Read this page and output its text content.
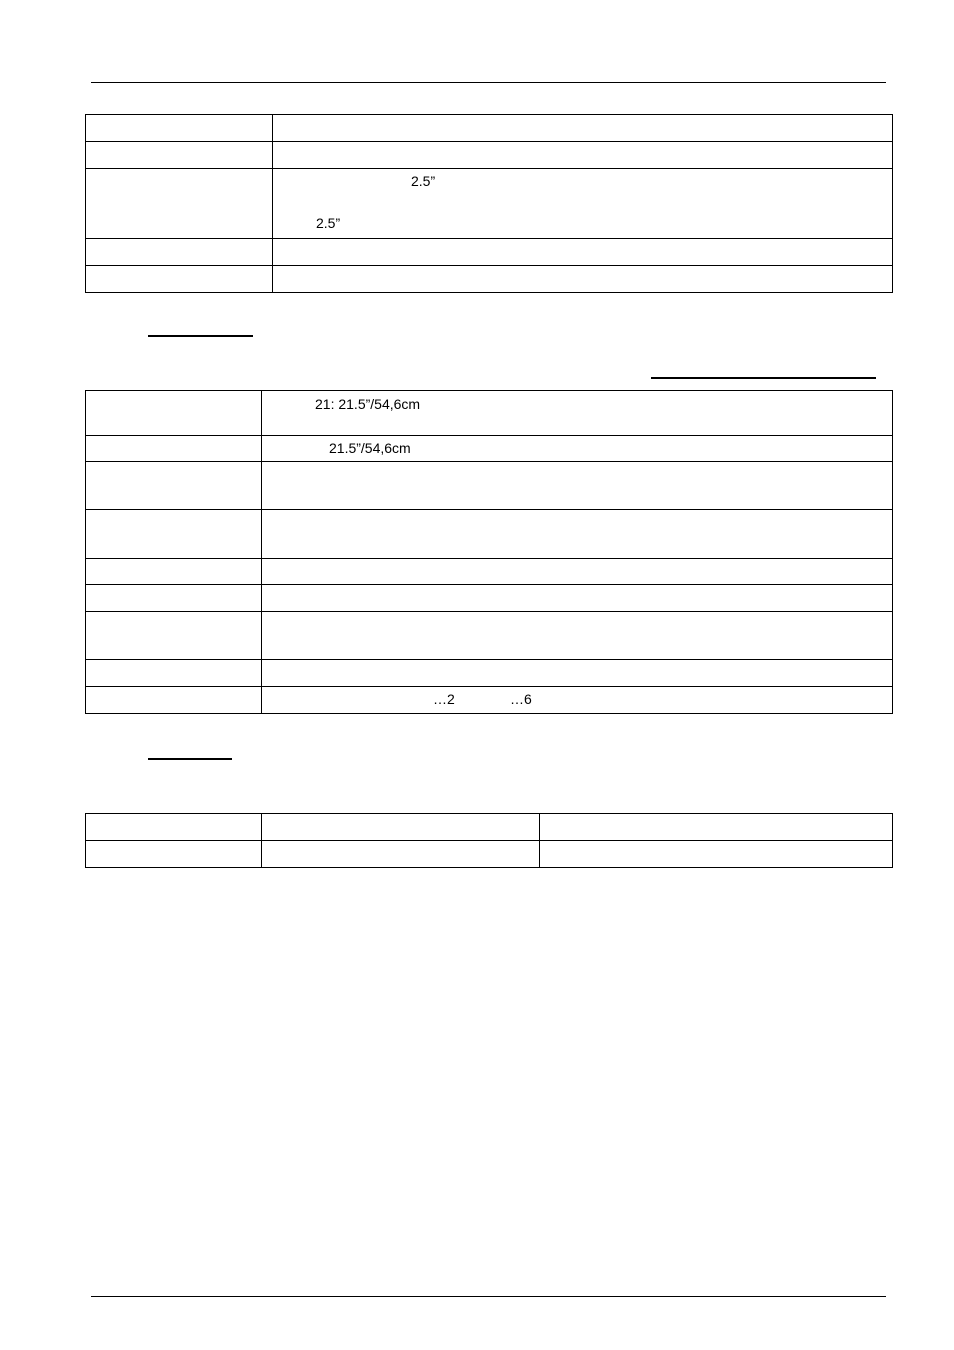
	2.5”
2.5”

	21: 21.5”/54,6cm

	21.5”/54,6cm

	…2 …6
